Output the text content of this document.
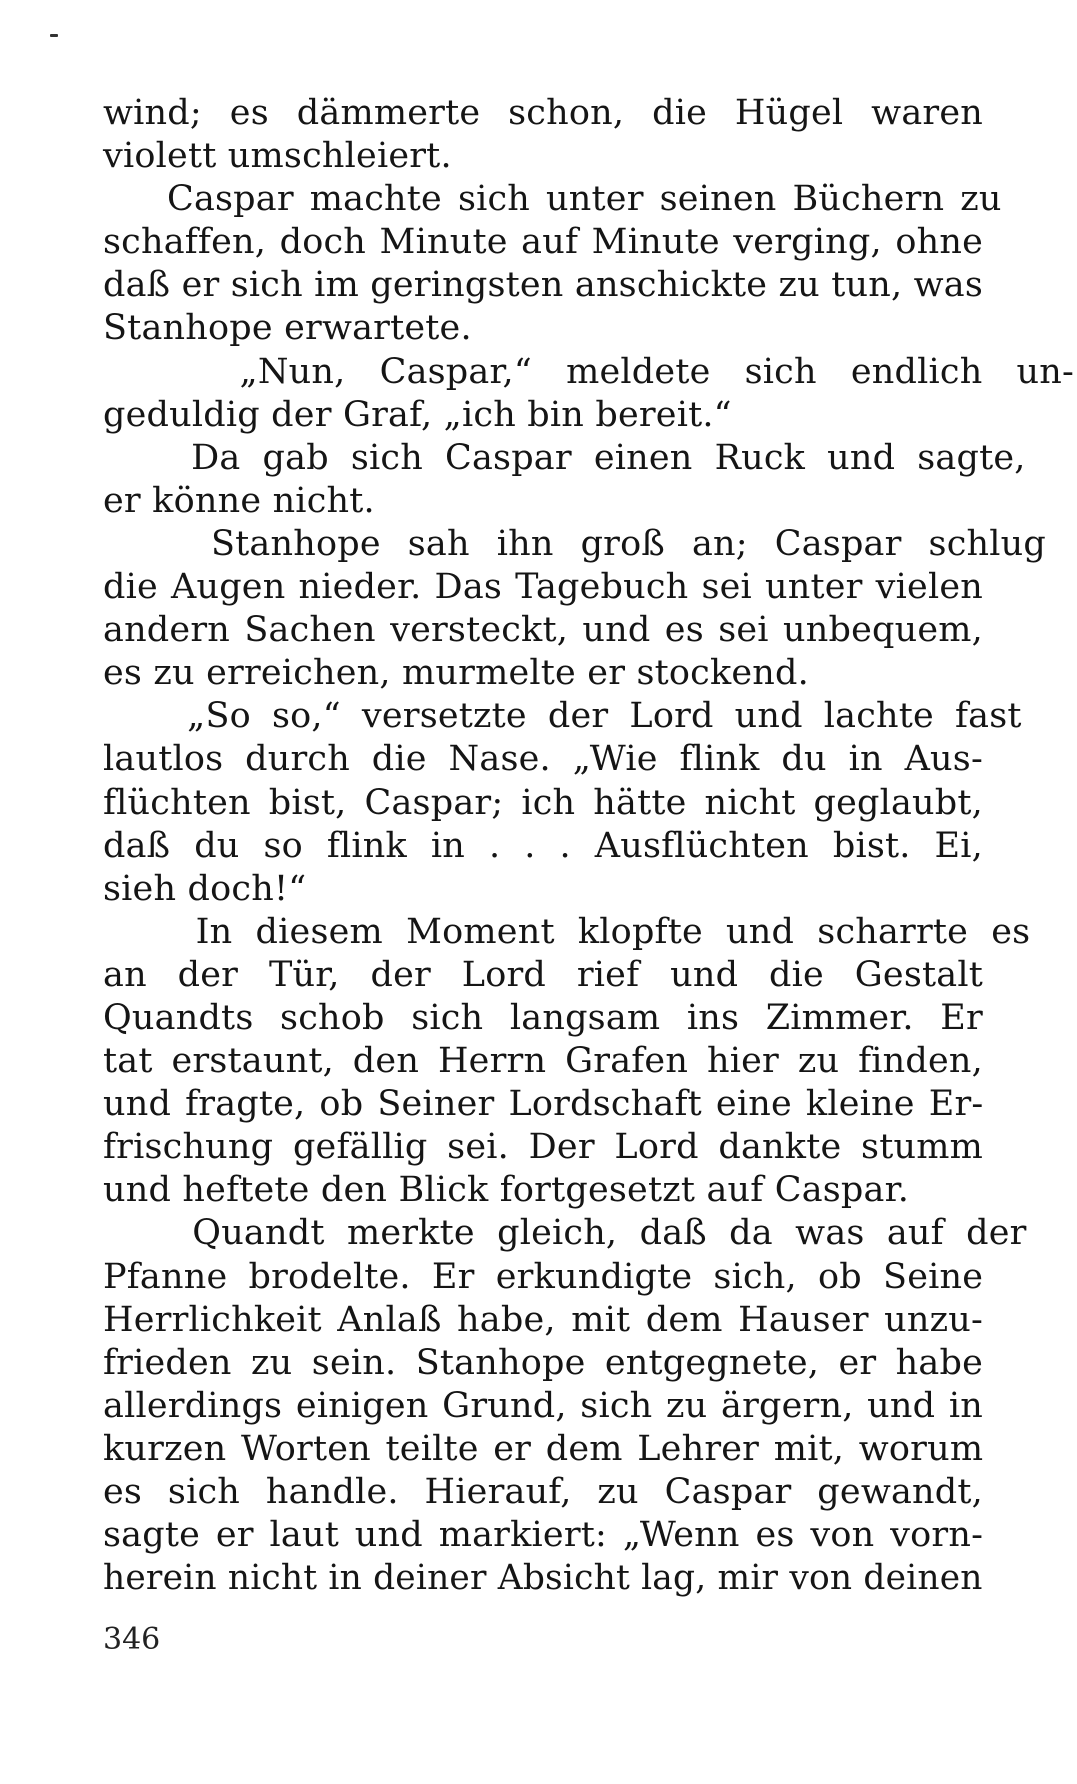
wind; es dämmerte schon, die Hügel waren
violett umschleiert.
Caspar machte sich unter seinen Büchern zu
schaffen, doch Minute auf Minute verging, ohne
daß er sich im geringsten anschickte zu tun, was
Stanhope erwartete.
„Nun, Caspar,“ meldete sich endlich un-
geduldig der Graf, „ich bin bereit.“
Da gab sich Caspar einen Ruck und sagte,
er könne nicht.
Stanhope sah ihn groß an; Caspar schlug
die Augen nieder. Das Tagebuch sei unter vielen
andern Sachen versteckt, und es sei unbequem,
es zu erreichen, murmelte er stockend.
„So so,“ versetzte der Lord und lachte fast
lautlos durch die Nase. „Wie flink du in Aus-
flüchten bist, Caspar; ich hätte nicht geglaubt,
daß du so flink in . . . Ausflüchten bist. Ei,
sieh doch!“
In diesem Moment klopfte und scharrte es
an der Tür, der Lord rief und die Gestalt
Quandts schob sich langsam ins Zimmer. Er
tat erstaunt, den Herrn Grafen hier zu finden,
und fragte, ob Seiner Lordschaft eine kleine Er-
frischung gefällig sei. Der Lord dankte stumm
und heftete den Blick fortgesetzt auf Caspar.
Quandt merkte gleich, daß da was auf der
Pfanne brodelte. Er erkundigte sich, ob Seine
Herrlichkeit Anlaß habe, mit dem Hauser unzu-
frieden zu sein. Stanhope entgegnete, er habe
allerdings einigen Grund, sich zu ärgern, und in
kurzen Worten teilte er dem Lehrer mit, worum
es sich handle. Hierauf, zu Caspar gewandt,
sagte er laut und markiert: „Wenn es von vorn-
herein nicht in deiner Absicht lag, mir von deinen
346
